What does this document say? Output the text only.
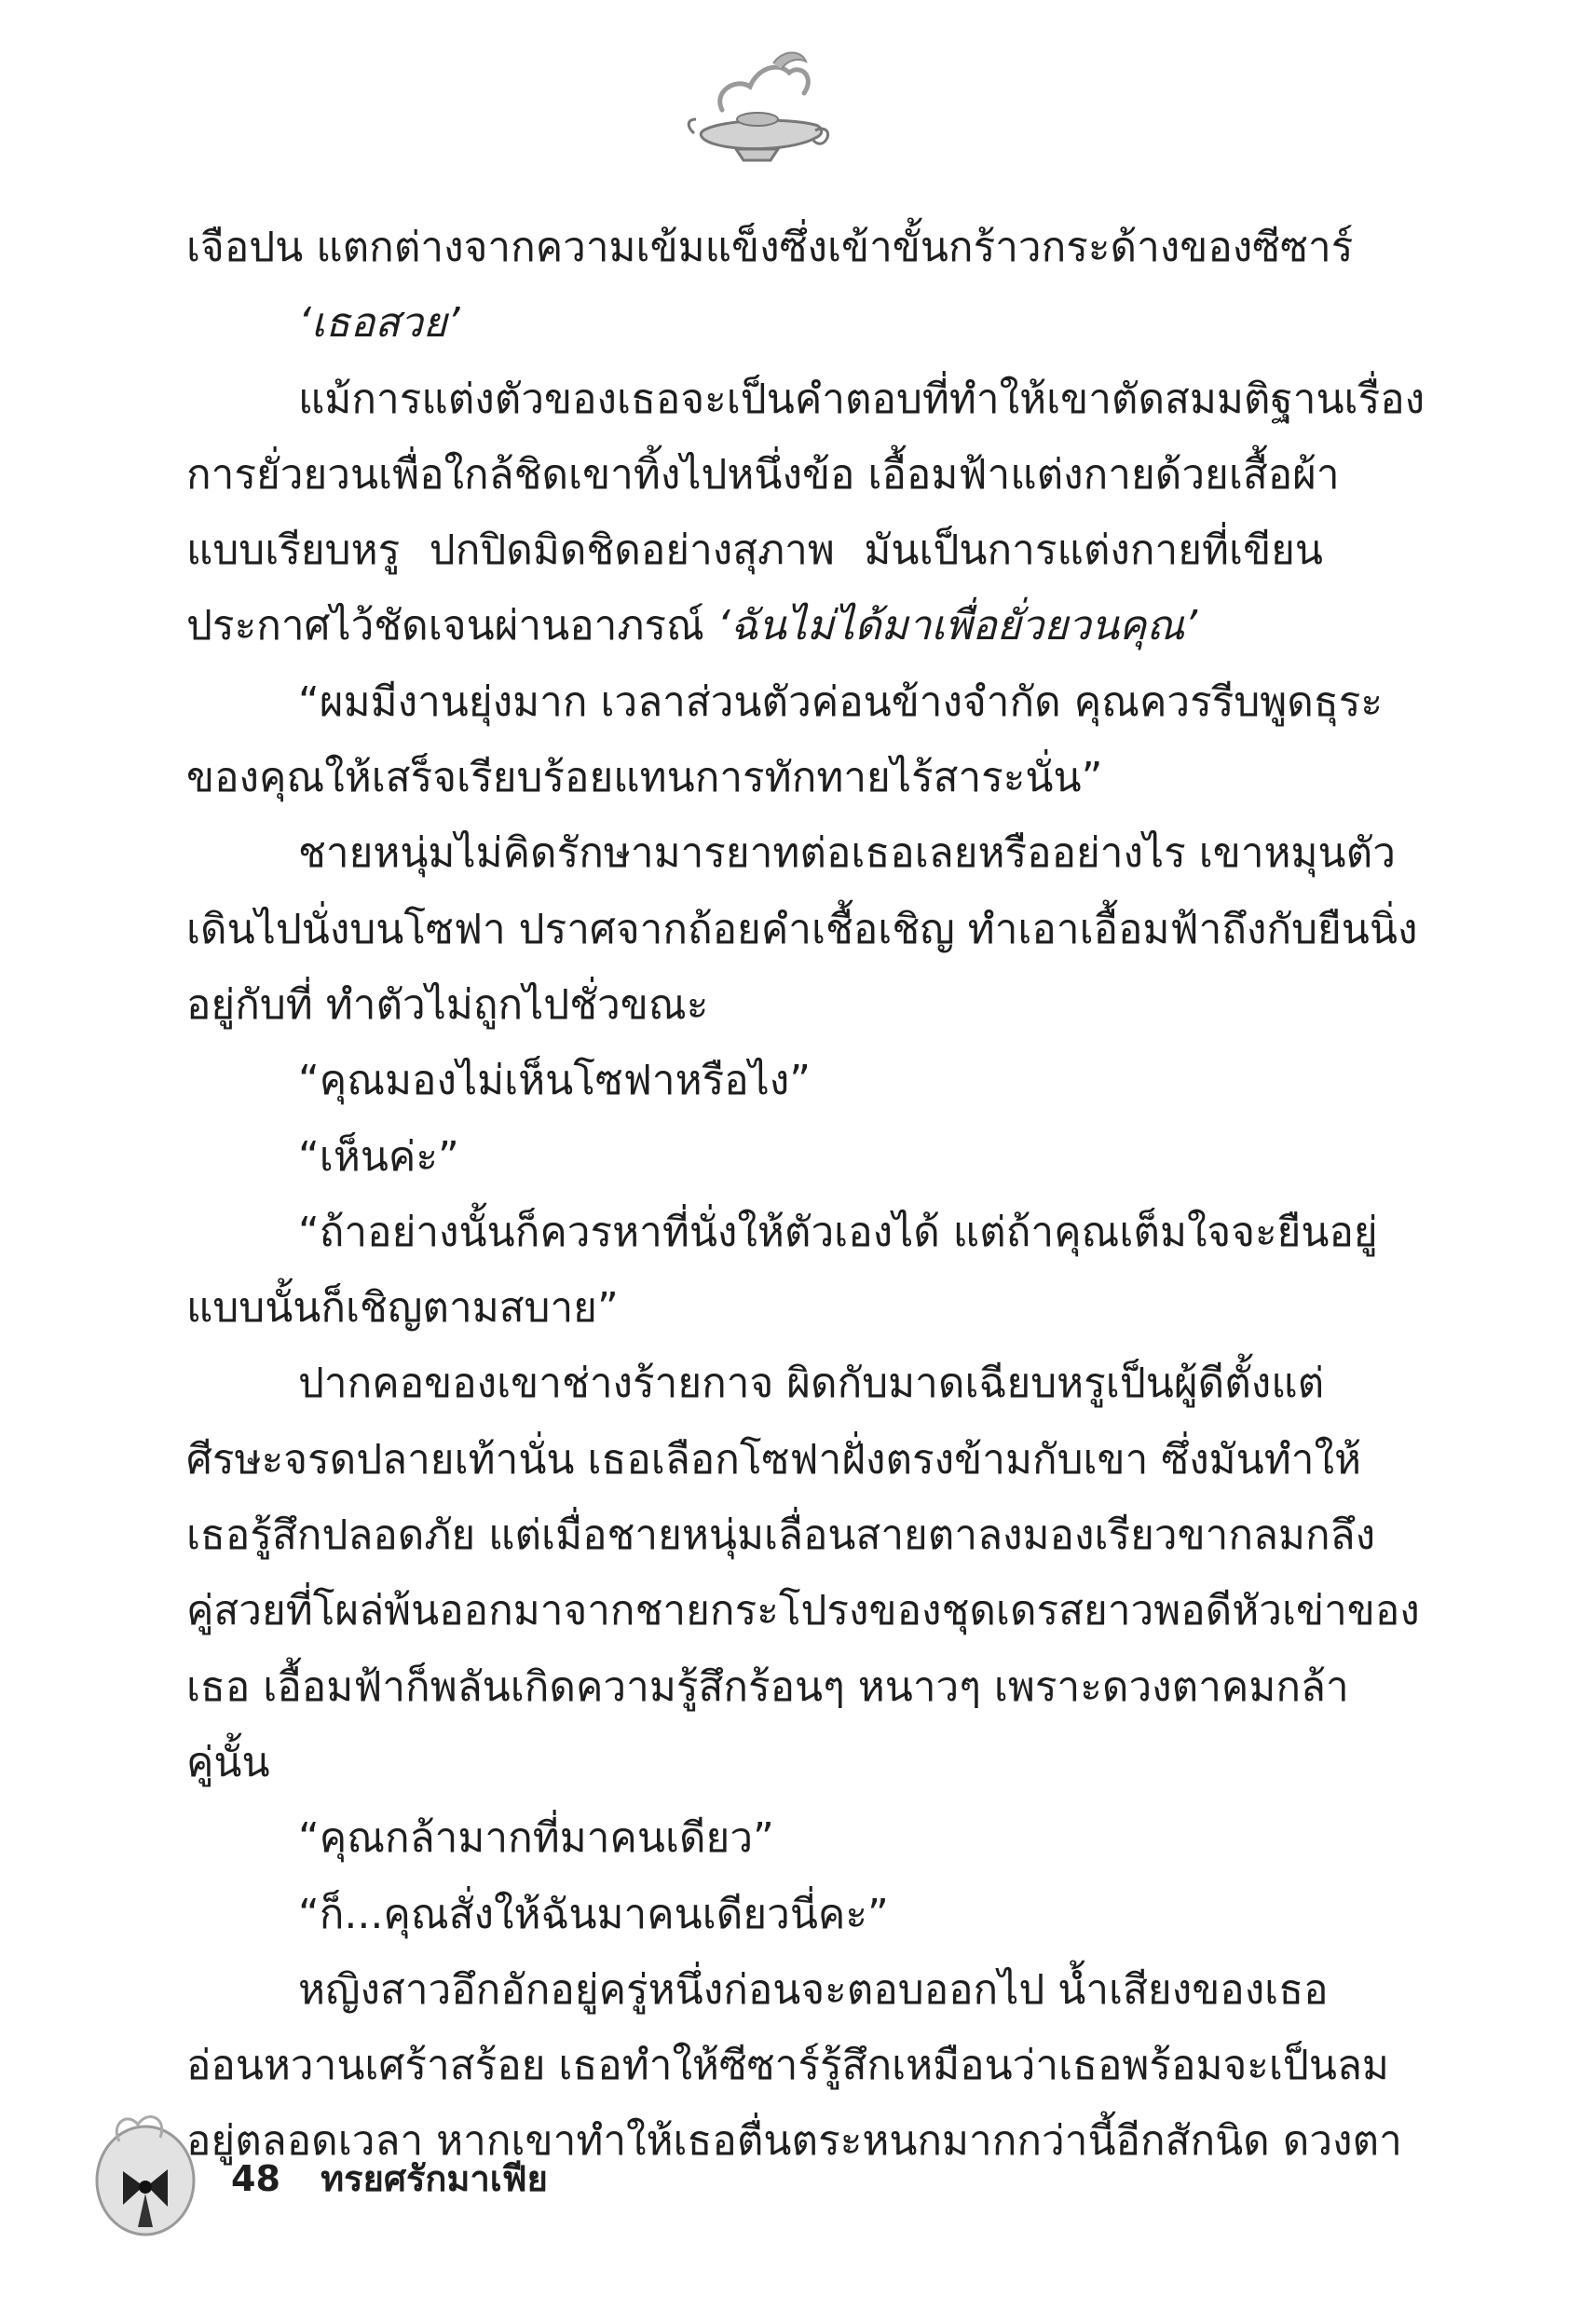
เจือปน แตกต่างจากความเข้มแข็งซึ่งเข้าขั้นกร้าวกระด้างของซีซาร์
‘เธอสวย’
แม้การแต่งตัวของเธอจะเป็นคำตอบที่ทำให้เขาตัดสมมติฐานเรื่อง
การยั่วยวนเพื่อใกล้ชิดเขาทิ้งไปหนึ่งข้อ เอื้อมฟ้าแต่งกายด้วยเสื้อผ้า
แบบเรียบหรู ปกปิดมิดชิดอย่างสุภาพ มันเป็นการแต่งกายที่เขียน
ประกาศไว้ชัดเจนผ่านอาภรณ์ ‘ฉันไม่ได้มาเพื่อยั่วยวนคุณ’
“ผมมีงานยุ่งมาก เวลาส่วนตัวค่อนข้างจำกัด คุณควรรีบพูดธุระ
ของคุณให้เสร็จเรียบร้อยแทนการทักทายไร้สาระนั่น”
ชายหนุ่มไม่คิดรักษามารยาทต่อเธอเลยหรืออย่างไร เขาหมุนตัว
เดินไปนั่งบนโซฟา ปราศจากถ้อยคำเชื้อเชิญ ทำเอาเอื้อมฟ้าถึงกับยืนนิ่ง
อยู่กับที่ ทำตัวไม่ถูกไปชั่วขณะ
“คุณมองไม่เห็นโซฟาหรือไง”
“เห็นค่ะ”
“ถ้าอย่างนั้นก็ควรหาที่นั่งให้ตัวเองได้ แต่ถ้าคุณเต็มใจจะยืนอยู่
แบบนั้นก็เชิญตามสบาย”
ปากคอของเขาช่างร้ายกาจ ผิดกับมาดเฉียบหรูเป็นผู้ดีตั้งแต่
ศีรษะจรดปลายเท้านั่น เธอเลือกโซฟาฝั่งตรงข้ามกับเขา ซึ่งมันทำให้
เธอรู้สึกปลอดภัย แต่เมื่อชายหนุ่มเลื่อนสายตาลงมองเรียวขากลมกลึง
คู่สวยที่โผล่พ้นออกมาจากชายกระโปรงของชุดเดรสยาวพอดีหัวเข่าของ
เธอ เอื้อมฟ้าก็พลันเกิดความรู้สึกร้อนๆ หนาวๆ เพราะดวงตาคมกล้า
คู่นั้น
“คุณกล้ามากที่มาคนเดียว”
“ก็...คุณสั่งให้ฉันมาคนเดียวนี่คะ”
หญิงสาวอึกอักอยู่ครู่หนึ่งก่อนจะตอบออกไป น้ำเสียงของเธอ
อ่อนหวานเศร้าสร้อย เธอทำให้ซีซาร์รู้สึกเหมือนว่าเธอพร้อมจะเป็นลม
อยู่ตลอดเวลา หากเขาทำให้เธอตื่นตระหนกมากกว่านี้อีกสักนิด ดวงตา
48 ทรยศรักมาเฟีย
